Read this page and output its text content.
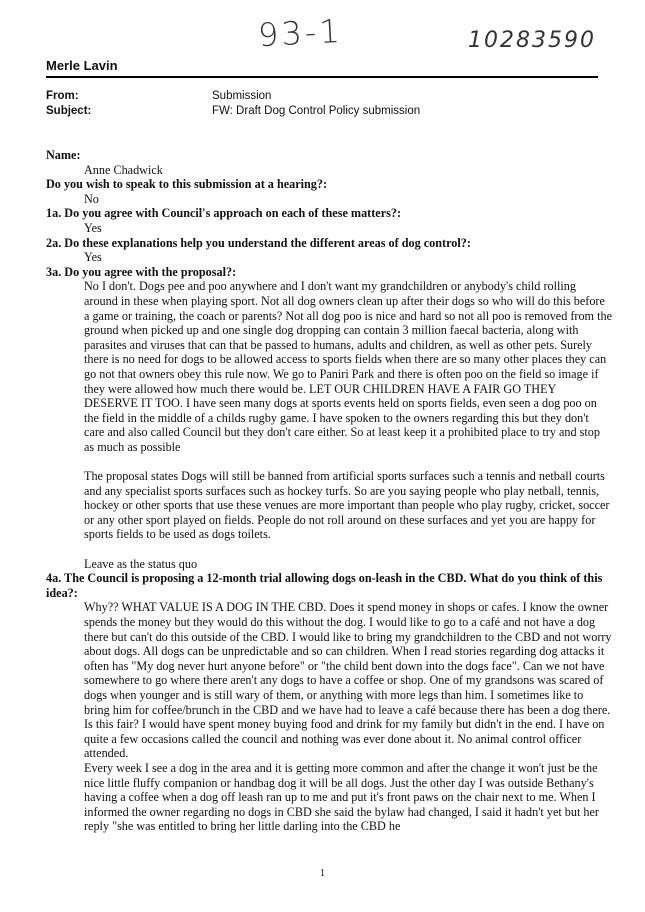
93-1	10283590
Merle Lavin
From:	Submission
Subject:	FW: Draft Dog Control Policy submission
Name:
Anne Chadwick
Do you wish to speak to this submission at a hearing?:
No
1a. Do you agree with Council's approach on each of these matters?:
Yes
2a. Do these explanations help you understand the different areas of dog control?:
Yes
3a. Do you agree with the proposal?:
No I don't. Dogs pee and poo anywhere and I don't want my grandchildren or anybody's child rolling around in these when playing sport. Not all dog owners clean up after their dogs so who will do this before a game or training, the coach or parents? Not all dog poo is nice and hard so not all poo is removed from the ground when picked up and one single dog dropping can contain 3 million faecal bacteria, along with parasites and viruses that can that be passed to humans, adults and children, as well as other pets. Surely there is no need for dogs to be allowed access to sports fields when there are so many other places they can go not that owners obey this rule now. We go to Paniri Park and there is often poo on the field so image if they were allowed how much there would be. LET OUR CHILDREN HAVE A FAIR GO THEY DESERVE IT TOO. I have seen many dogs at sports events held on sports fields, even seen a dog poo on the field in the middle of a childs rugby game. I have spoken to the owners regarding this but they don't care and also called Council but they don't care either. So at least keep it a prohibited place to try and stop as much as possible
The proposal states Dogs will still be banned from artificial sports surfaces such a tennis and netball courts and any specialist sports surfaces such as hockey turfs. So are you saying people who play netball, tennis, hockey or other sports that use these venues are more important than people who play rugby, cricket, soccer or any other sport played on fields. People do not roll around on these surfaces and yet you are happy for sports fields to be used as dogs toilets.
Leave as the status quo
4a. The Council is proposing a 12-month trial allowing dogs on-leash in the CBD. What do you think of this idea?:
Why?? WHAT VALUE IS A DOG IN THE CBD. Does it spend money in shops or cafes. I know the owner spends the money but they would do this without the dog. I would like to go to a café and not have a dog there but can't do this outside of the CBD. I would like to bring my grandchildren to the CBD and not worry about dogs. All dogs can be unpredictable and so can children. When I read stories regarding dog attacks it often has "My dog never hurt anyone before" or "the child bent down into the dogs face". Can we not have somewhere to go where there aren't any dogs to have a coffee or shop. One of my grandsons was scared of dogs when younger and is still wary of them, or anything with more legs than him. I sometimes like to bring him for coffee/brunch in the CBD and we have had to leave a café because there has been a dog there. Is this fair? I would have spent money buying food and drink for my family but didn't in the end. I have on quite a few occasions called the council and nothing was ever done about it. No animal control officer attended.
Every week I see a dog in the area and it is getting more common and after the change it won't just be the nice little fluffy companion or handbag dog it will be all dogs. Just the other day I was outside Bethany's having a coffee when a dog off leash ran up to me and put it's front paws on the chair next to me. When I informed the owner regarding no dogs in CBD she said the bylaw had changed, I said it hadn't yet but her reply "she was entitled to bring her little darling into the CBD he
1
